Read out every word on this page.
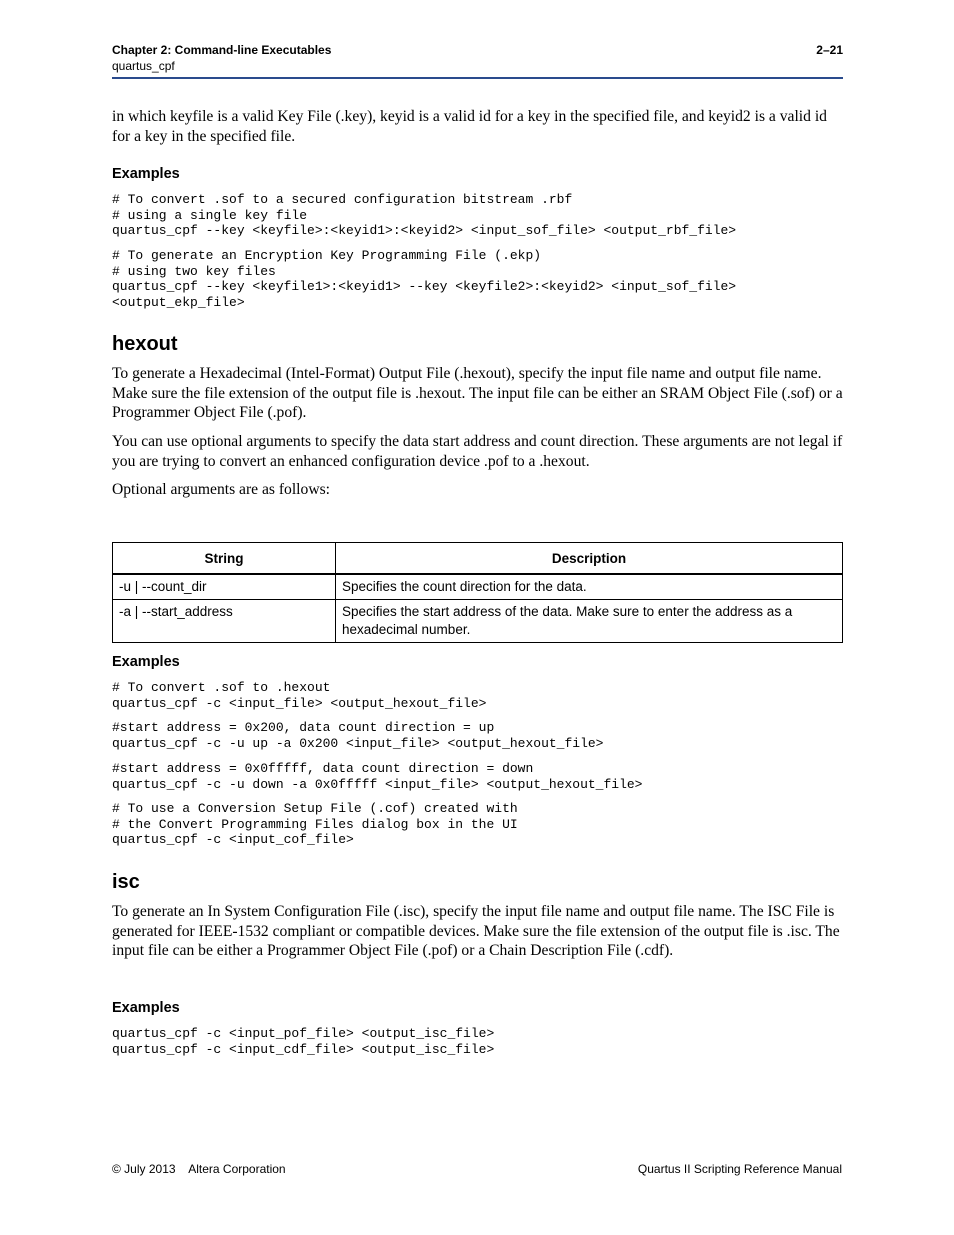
Chapter 2: Command-line Executables	2–21
quartus_cpf

in which keyfile is a valid Key File (.key), keyid is a valid id for a key in the specified file, and keyid2 is a valid id for a key in the specified file.

Examples
# To convert .sof to a secured configuration bitstream .rbf
# using a single key file
quartus_cpf --key <keyfile>:<keyid1>:<keyid2> <input_sof_file> <output_rbf_file>
# To generate an Encryption Key Programming File (.ekp)
# using two key files
quartus_cpf --key <keyfile1>:<keyid1> --key <keyfile2>:<keyid2> <input_sof_file>
<output_ekp_file>
hexout

To generate a Hexadecimal (Intel-Format) Output File (.hexout), specify the input file name and output file name. Make sure the file extension of the output file is .hexout. The input file can be either an SRAM Object File (.sof) or a Programmer Object File (.pof).

You can use optional arguments to specify the data start address and count direction. These arguments are not legal if you are trying to convert an enhanced configuration device .pof to a .hexout.

Optional arguments are as follows:

String	Description
-u | --count_dir	Specifies the count direction for the data.
-a | --start_address	Specifies the start address of the data. Make sure to enter the address as a hexadecimal number.
Examples
# To convert .sof to .hexout
quartus_cpf -c <input_file> <output_hexout_file>
#start address = 0x200, data count direction = up
quartus_cpf -c -u up -a 0x200 <input_file> <output_hexout_file>
#start address = 0x0fffff, data count direction = down
quartus_cpf -c -u down -a 0x0fffff <input_file> <output_hexout_file>
# To use a Conversion Setup File (.cof) created with
# the Convert Programming Files dialog box in the UI
quartus_cpf -c <input_cof_file>
isc

To generate an In System Configuration File (.isc), specify the input file name and output file name. The ISC File is generated for IEEE-1532 compliant or compatible devices. Make sure the file extension of the output file is .isc. The input file can be either a Programmer Object File (.pof) or a Chain Description File (.cdf).

Examples
quartus_cpf -c <input_pof_file> <output_isc_file>
quartus_cpf -c <input_cdf_file> <output_isc_file>
© July 2013    Altera Corporation	Quartus II Scripting Reference Manual
